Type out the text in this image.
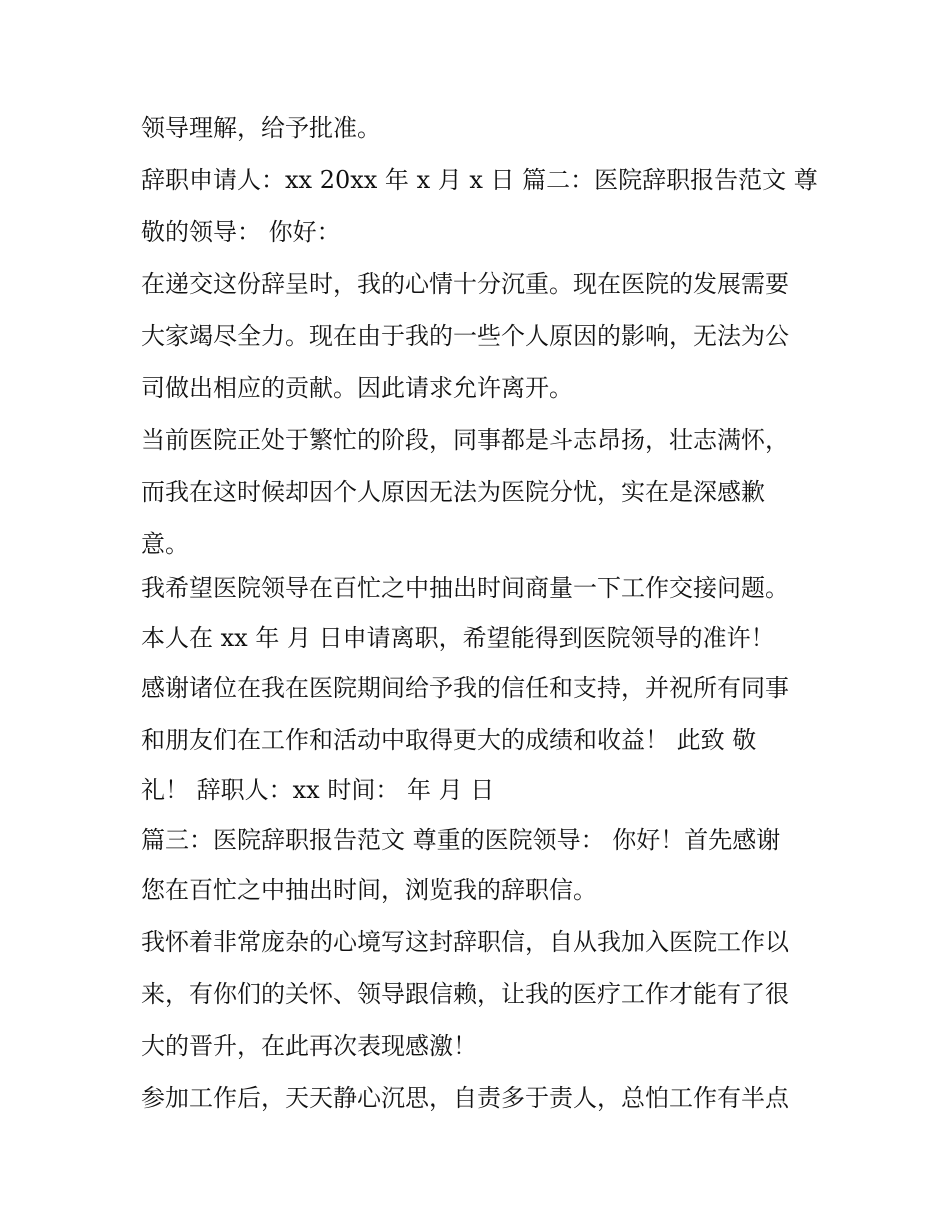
领导理解，给予批准。
辞职申请人：xx 20xx 年 x 月 x 日 篇二：医院辞职报告范文 尊
敬的领导： 你好：
在递交这份辞呈时，我的心情十分沉重。现在医院的发展需要
大家竭尽全力。现在由于我的一些个人原因的影响，无法为公
司做出相应的贡献。因此请求允许离开。
当前医院正处于繁忙的阶段，同事都是斗志昂扬，壮志满怀，
而我在这时候却因个人原因无法为医院分忧，实在是深感歉
意。
我希望医院领导在百忙之中抽出时间商量一下工作交接问题。
本人在 xx 年 月 日申请离职，希望能得到医院领导的准许！
感谢诸位在我在医院期间给予我的信任和支持，并祝所有同事
和朋友们在工作和活动中取得更大的成绩和收益！ 此致 敬
礼！ 辞职人：xx 时间： 年 月 日
篇三：医院辞职报告范文 尊重的医院领导： 你好！首先感谢
您在百忙之中抽出时间，浏览我的辞职信。
我怀着非常庞杂的心境写这封辞职信，自从我加入医院工作以
来，有你们的关怀、领导跟信赖，让我的医疗工作才能有了很
大的晋升，在此再次表现感激！
参加工作后，天天静心沉思，自责多于责人，总怕工作有半点
